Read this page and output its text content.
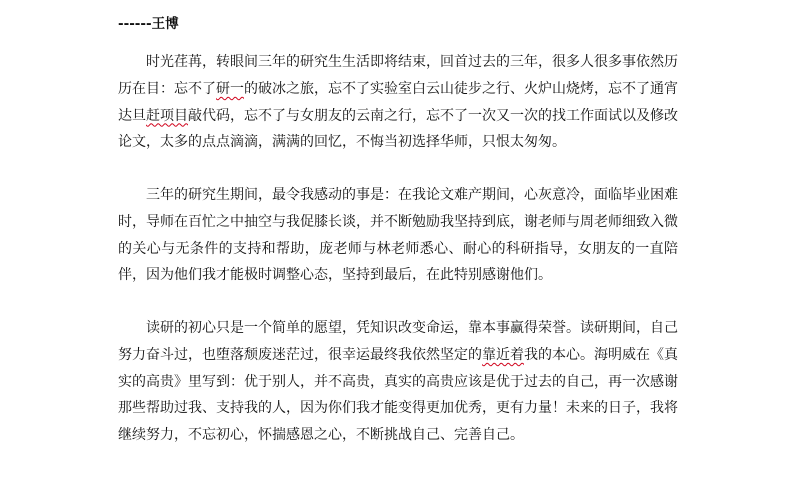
------王博

时光荏苒，转眼间三年的研究生生活即将结束，回首过去的三年，很多人很多事依然历历在目：忘不了研一的破冰之旅，忘不了实验室白云山徒步之行、火炉山烧烤，忘不了通宵达旦赶项目敲代码，忘不了与女朋友的云南之行，忘不了一次又一次的找工作面试以及修改论文，太多的点点滴滴，满满的回忆，不悔当初选择华师，只恨太匆匆。

三年的研究生期间，最令我感动的事是：在我论文难产期间，心灰意冷，面临毕业困难时，导师在百忙之中抽空与我促膝长谈，并不断勉励我坚持到底，谢老师与周老师细致入微的关心与无条件的支持和帮助，庞老师与林老师悉心、耐心的科研指导，女朋友的一直陪伴，因为他们我才能极时调整心态，坚持到最后，在此特别感谢他们。

读研的初心只是一个简单的愿望，凭知识改变命运，靠本事赢得荣誉。读研期间，自己努力奋斗过，也堕落颓废迷茫过，很幸运最终我依然坚定的靠近着我的本心。海明威在《真实的高贵》里写到：优于别人，并不高贵，真实的高贵应该是优于过去的自己，再一次感谢那些帮助过我、支持我的人，因为你们我才能变得更加优秀，更有力量！未来的日子，我将继续努力，不忘初心，怀揣感恩之心，不断挑战自己、完善自己。
